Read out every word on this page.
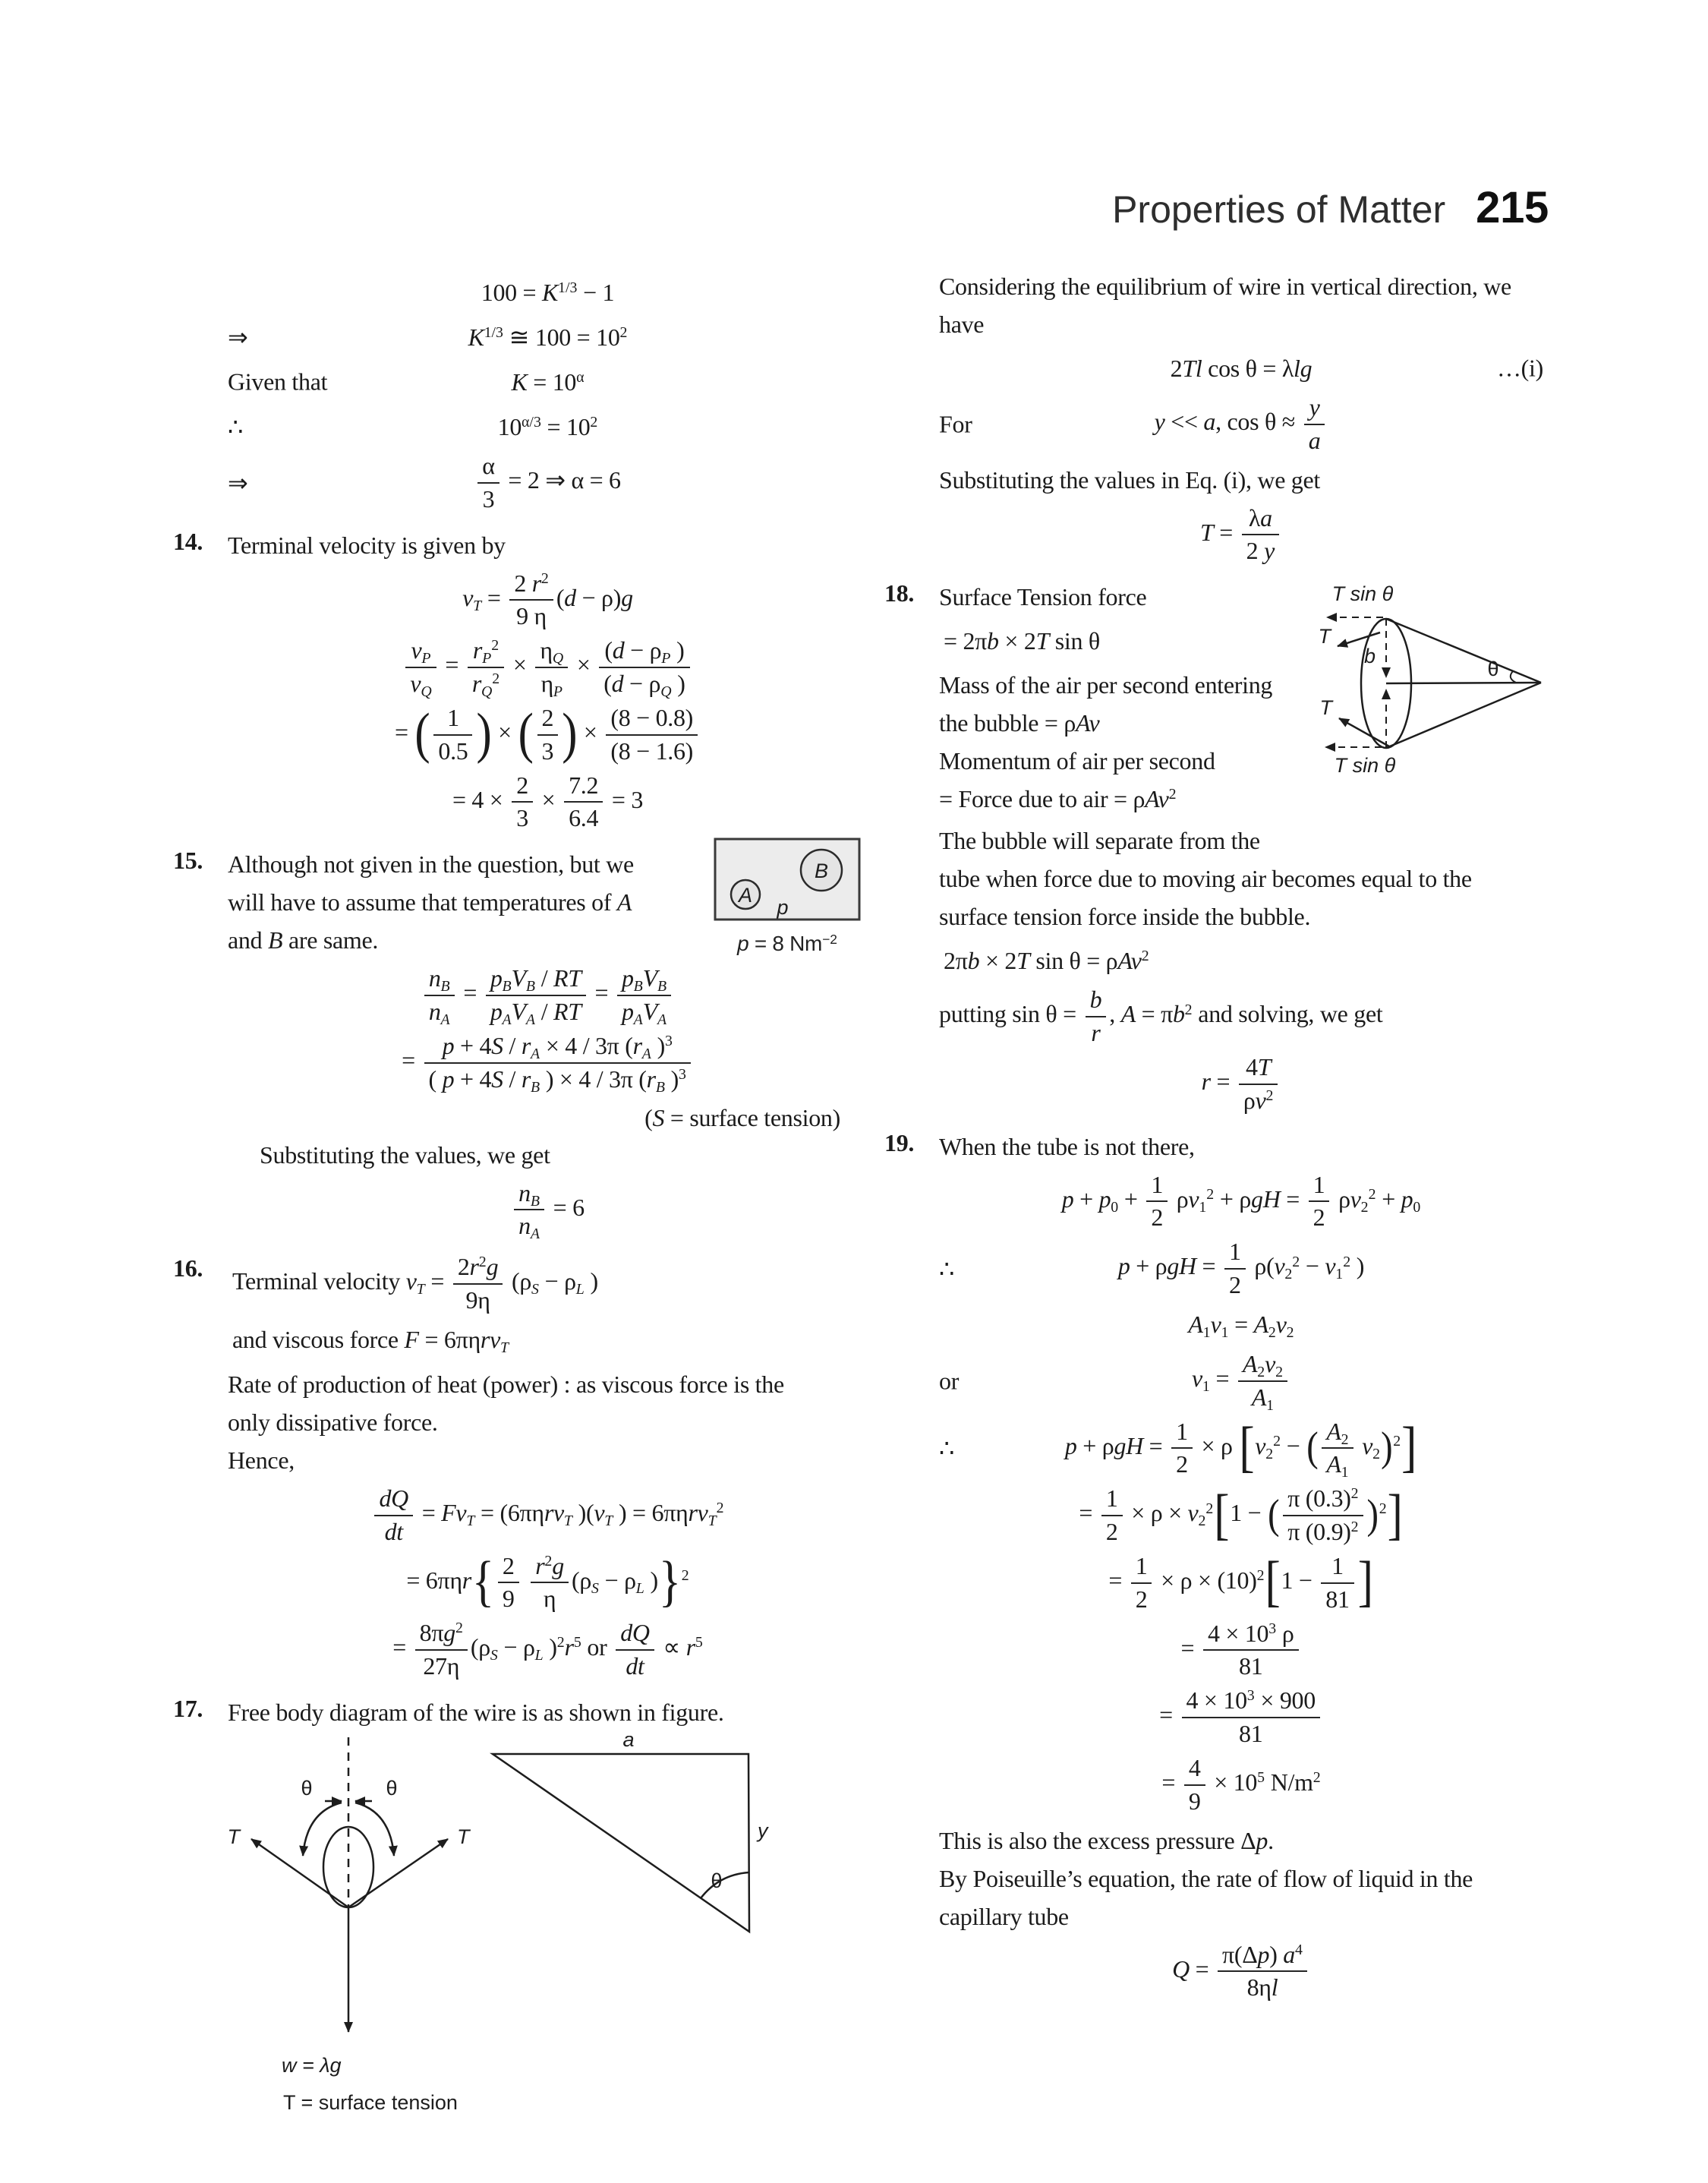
Properties of Matter 215
$100 = K^{1/3} - 1$
⇒	$K^{1/3}$ ≅ $100 = 10^2$
Given that	$K = 10^\alpha$
∴	$10^{\alpha/3} = 10^2$
⇒	$\frac{\alpha}{3} = 2$ ⇒ α = 6
14. Terminal velocity is given by
$v_T = \frac{2 r^2}{9 \eta} (d - \rho)g$
$\frac{v_P}{v_Q} = \frac{r_P^2}{r_Q^2} \times \frac{\eta_Q}{\eta_P} \times \frac{(d - \rho_P )}{(d - \rho_Q )}$
= ( $\frac{1}{0.5}$ ) × ( $\frac{2}{3}$ ) × $\frac{(8 - 0.8)}{(8 - 1.6)}$
= $4 \times \frac{2}{3} \times \frac{7.2}{6.4} = 3$
15. Although not given in the question, but we
will have to assume that temperatures of A
and B are same.
A
B
p
p = 8 $Nm^{-2}$
$\frac{n_B}{n_A}$ =
$p_BV_B$ / RT
$p_AV_A$ / RT
=
$p_BV_B$
$p_AV_A$
= $\frac{p + 4S / r_A \times 4 / 3\pi (r_A )^3}{( p + 4S / r_B ) \times 4 / 3\pi (r_B )^3}$
(S = surface tension)
Substituting the values, we get
$\frac{n_B}{n_A} = 6$
16. Terminal velocity $v_T = \frac{2r^2g}{9\eta} (\rho_S - \rho_L$ )
and viscous force F = 6πηrv$_T$
Rate of production of heat (power) : as viscous force is the
only dissipative force.
Hence,
$\frac{dQ}{dt} = Fv_T = (6\pi\eta rv_T$ )($v_T$ ) = 6πηrv$_T^2$
= 6πηr { $\frac{2}{9}$
$\frac{r^2g}{\eta} (\rho_S - \rho_L$ ) } $^2$
= $\frac{8\pi g^2}{27\eta} (\rho_S - \rho_L$ )$^2r^5$ or $\frac{dQ}{dt} \propto r^5$
17. Free body diagram of the wire is as shown in figure.
θ	θ
T	T
w = λg
T = surface tension
a
y
θ
Considering the equilibrium of wire in vertical direction, we
have
2Tl cos θ = λlg	…(i)
For	y << a, $\cos \theta \approx \frac{y}{a}$
Substituting the values in Eq. (i), we get
$T = \frac{\lambda a}{2 y}$
18.
b
T sin θ
T
T
T sin θ
θ
Surface Tension force
= 2πb × 2T sin θ
Mass of the air per second entering
the bubble = ρAv
Momentum of air per second
= Force due to air = ρAv$^2$
The bubble will separate from the
tube when force due to moving air becomes equal to the
surface tension force inside the bubble.
2πb × 2T sin θ = ρAv$^2$
putting $\sin \theta = \frac{b}{r}$ , $A = \pi b^2$ and solving, we get
$r = \frac{4T}{\rho v^2}$
19. When the tube is not there,
$p + p_0 + \frac{1}{2} \rho v_1^2 + \rho gH = \frac{1}{2} \rho v_2^2 + p_0$
∴	$p + \rho gH = \frac{1}{2} \rho(v_2^2 - v_1^2$ )
$A_1v_1 = A_2v_2$
or	$v_1 = \frac{A_2v_2}{A_1}$
∴	$p + \rho gH = \frac{1}{2} \times \rho$ [ $v_2^2$ − ( $\frac{A_2}{A_1} v_2$ ) $^2$ ]
= $\frac{1}{2} \times \rho \times v_2^2$ [ 1 − ( $\frac{\pi (0.3)^2}{\pi (0.9)^2}$ ) $^2$ ]
= $\frac{1}{2} \times \rho \times (10)^2$ [ $1 - \frac{1}{81}$ ]
= $\frac{4 \times 10^3 \rho}{81}$
= $\frac{4 \times 10^3 \times 900}{81}$
= $\frac{4}{9} \times 10^5$ $N/m^2$
This is also the excess pressure Δp.
By Poiseuille’s equation, the rate of flow of liquid in the
capillary tube
$Q = \frac{\pi(\Delta p) a^4}{8\eta l}$
